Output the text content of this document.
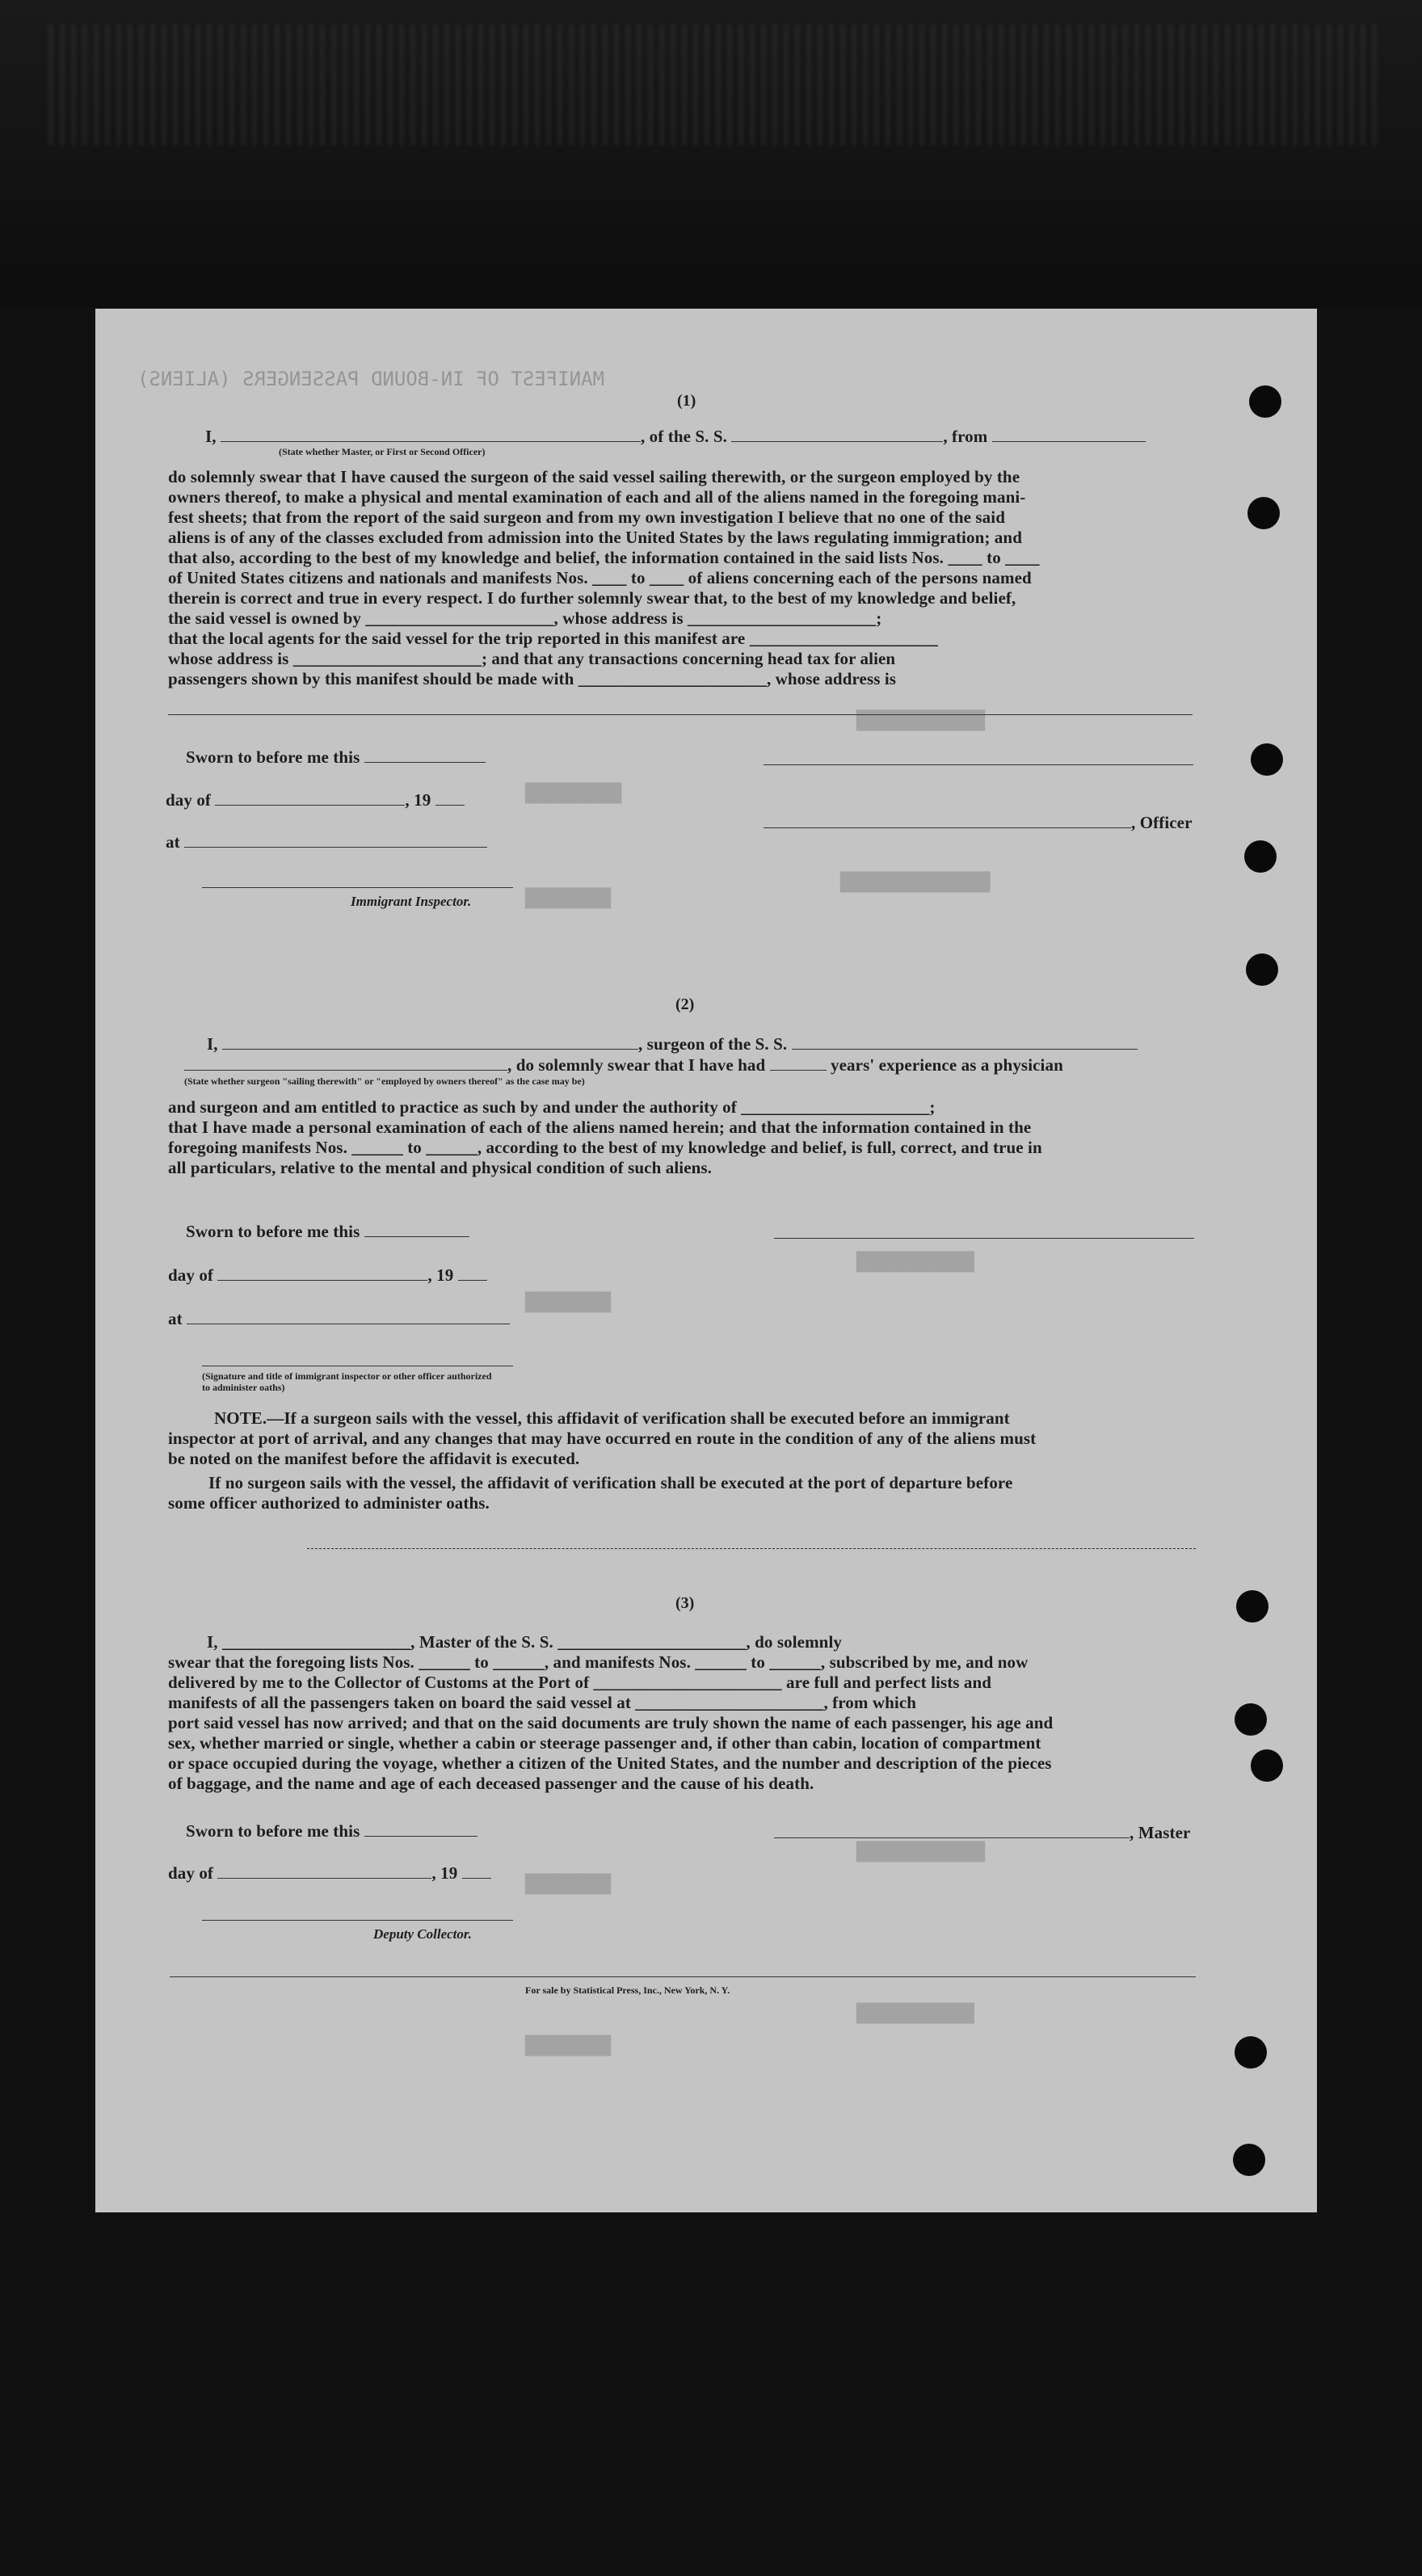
MANIFEST OF IN-BOUND PASSENGERS (ALIENS)
████████████
█████████
██████████████
████████
███████████
████████
████████████
████████
███████████
████████
(1)
I,	, of the S. S.	, from
(State whether Master, or First or Second Officer)
do solemnly swear that I have caused the surgeon of the said vessel sailing therewith, or the surgeon employed by the
owners thereof, to make a physical and mental examination of each and all of the aliens named in the foregoing mani-
fest sheets; that from the report of the said surgeon and from my own investigation I believe that no one of the said
aliens is of any of the classes excluded from admission into the United States by the laws regulating immigration; and
that also, according to the best of my knowledge and belief, the information contained in the said lists Nos. ____ to ____
of United States citizens and nationals and manifests Nos. ____ to ____ of aliens concerning each of the persons named
therein is correct and true in every respect. I do further solemnly swear that, to the best of my knowledge and belief,
the said vessel is owned by ______________________, whose address is ______________________;
that the local agents for the said vessel for the trip reported in this manifest are ______________________
whose address is ______________________; and that any transactions concerning head tax for alien
passengers shown by this manifest should be made with ______________________, whose address is
Sworn to before me this
day of	, 19
at
, Officer
Immigrant Inspector.
(2)
I,	, surgeon of the S. S.
, do solemnly swear that I have had	years' experience as a physician
(State whether surgeon "sailing therewith" or "employed by owners thereof" as the case may be)
and surgeon and am entitled to practice as such by and under the authority of ______________________;
that I have made a personal examination of each of the aliens named herein; and that the information contained in the
foregoing manifests Nos. ______ to ______, according to the best of my knowledge and belief, is full, correct, and true in
all particulars, relative to the mental and physical condition of such aliens.
Sworn to before me this
day of	, 19
at
(Signature and title of immigrant inspector or other officer authorized to administer oaths)
NOTE.—If a surgeon sails with the vessel, this affidavit of verification shall be executed before an immigrant
inspector at port of arrival, and any changes that may have occurred en route in the condition of any of the aliens must
be noted on the manifest before the affidavit is executed.
If no surgeon sails with the vessel, the affidavit of verification shall be executed at the port of departure before
some officer authorized to administer oaths.
(3)
I, ______________________, Master of the S. S. ______________________, do solemnly
swear that the foregoing lists Nos. ______ to ______, and manifests Nos. ______ to ______, subscribed by me, and now
delivered by me to the Collector of Customs at the Port of ______________________ are full and perfect lists and
manifests of all the passengers taken on board the said vessel at ______________________, from which
port said vessel has now arrived; and that on the said documents are truly shown the name of each passenger, his age and
sex, whether married or single, whether a cabin or steerage passenger and, if other than cabin, location of compartment
or space occupied during the voyage, whether a citizen of the United States, and the number and description of the pieces
of baggage, and the name and age of each deceased passenger and the cause of his death.
Sworn to before me this	, Master
day of	, 19
Deputy Collector.
For sale by Statistical Press, Inc., New York, N. Y.
